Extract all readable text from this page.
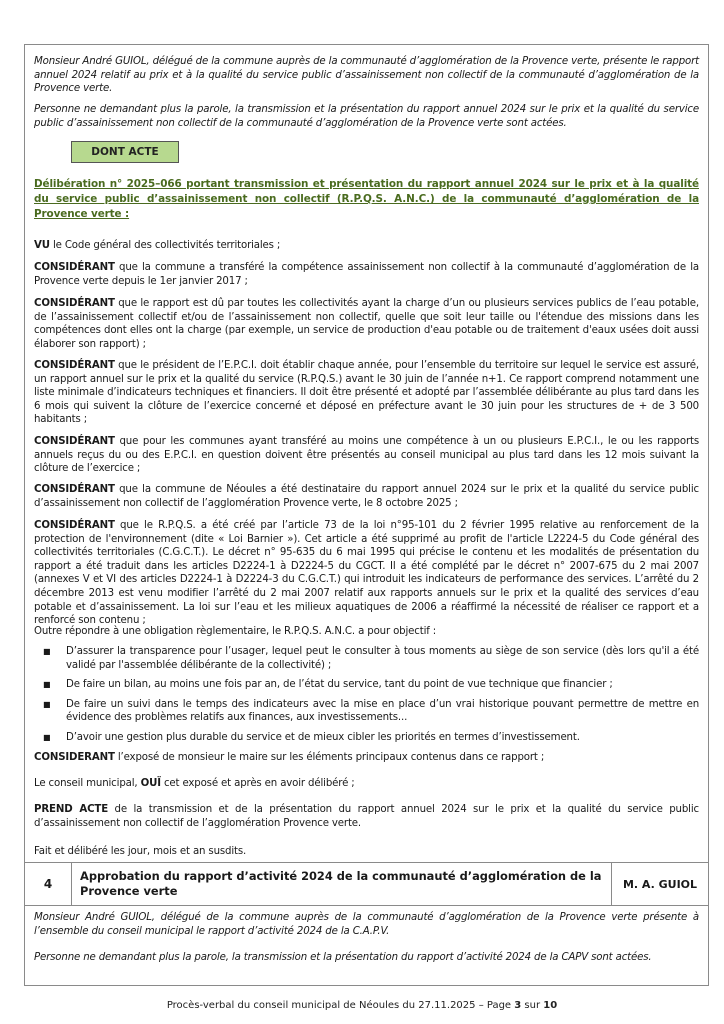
Monsieur André GUIOL, délégué de la commune auprès de la communauté d’agglomération de la Provence verte, présente le rapport annuel 2024 relatif au prix et à la qualité du service public d’assainissement non collectif de la communauté d’agglomération de la Provence verte.
Personne ne demandant plus la parole, la transmission et la présentation du rapport annuel 2024 sur le prix et la qualité du service public d’assainissement non collectif de la communauté d’agglomération de la Provence verte sont actées.
DONT ACTE
Délibération n° 2025–066 portant transmission et présentation du rapport annuel 2024 sur le prix et à la qualité du service public d’assainissement non collectif (R.P.Q.S. A.N.C.) de la communauté d’agglomération de la Provence verte :
VU le Code général des collectivités territoriales ;
CONSIDÉRANT que la commune a transféré la compétence assainissement non collectif à la communauté d’agglomération de la Provence verte depuis le 1er janvier 2017 ;
CONSIDÉRANT que le rapport est dû par toutes les collectivités ayant la charge d’un ou plusieurs services publics de l’eau potable, de l’assainissement collectif et/ou de l’assainissement non collectif, quelle que soit leur taille ou l'étendue des missions dans les compétences dont elles ont la charge (par exemple, un service de production d'eau potable ou de traitement d'eaux usées doit aussi élaborer son rapport) ;
CONSIDÉRANT que le président de l’E.P.C.I. doit établir chaque année, pour l’ensemble du territoire sur lequel le service est assuré, un rapport annuel sur le prix et la qualité du service (R.P.Q.S.) avant le 30 juin de l’année n+1. Ce rapport comprend notamment une liste minimale d’indicateurs techniques et financiers. Il doit être présenté et adopté par l’assemblée délibérante au plus tard dans les 6 mois qui suivent la clôture de l’exercice concerné et déposé en préfecture avant le 30 juin pour les structures de + de 3 500 habitants ;
CONSIDÉRANT que pour les communes ayant transféré au moins une compétence à un ou plusieurs E.P.C.I., le ou les rapports annuels reçus du ou des E.P.C.I. en question doivent être présentés au conseil municipal au plus tard dans les 12 mois suivant la clôture de l’exercice ;
CONSIDÉRANT que la commune de Néoules a été destinataire du rapport annuel 2024 sur le prix et la qualité du service public d’assainissement non collectif de l’agglomération Provence verte, le 8 octobre 2025 ;
CONSIDÉRANT que le R.P.Q.S. a été créé par l’article 73 de la loi n°95-101 du 2 février 1995 relative au renforcement de la protection de l'environnement (dite « Loi Barnier »). Cet article a été supprimé au profit de l'article L2224-5 du Code général des collectivités territoriales (C.G.C.T.). Le décret n° 95-635 du 6 mai 1995 qui précise le contenu et les modalités de présentation du rapport a été traduit dans les articles D2224-1 à D2224-5 du CGCT. Il a été complété par le décret n° 2007-675 du 2 mai 2007 (annexes V et VI des articles D2224-1 à D2224-3 du C.G.C.T.) qui introduit les indicateurs de performance des services. L’arrêté du 2 décembre 2013 est venu modifier l’arrêté du 2 mai 2007 relatif aux rapports annuels sur le prix et la qualité des services d’eau potable et d’assainissement. La loi sur l’eau et les milieux aquatiques de 2006 a réaffirmé la nécessité de réaliser ce rapport et a renforcé son contenu ;
Outre répondre à une obligation règlementaire, le R.P.Q.S. A.N.C. a pour objectif :
■ D’assurer la transparence pour l’usager, lequel peut le consulter à tous moments au siège de son service (dès lors qu'il a été validé par l'assemblée délibérante de la collectivité) ;
■ De faire un bilan, au moins une fois par an, de l’état du service, tant du point de vue technique que financier ;
■ De faire un suivi dans le temps des indicateurs avec la mise en place d’un vrai historique pouvant permettre de mettre en évidence des problèmes relatifs aux finances, aux investissements...
■ D’avoir une gestion plus durable du service et de mieux cibler les priorités en termes d’investissement.
CONSIDERANT l’exposé de monsieur le maire sur les éléments principaux contenus dans ce rapport ;
Le conseil municipal, OUÏ cet exposé et après en avoir délibéré ;
PREND ACTE de la transmission et de la présentation du rapport annuel 2024 sur le prix et la qualité du service public d’assainissement non collectif de l’agglomération Provence verte.
Fait et délibéré les jour, mois et an susdits.
4
Approbation du rapport d’activité 2024 de la communauté d’agglomération de la Provence verte	M. A. GUIOL
Monsieur André GUIOL, délégué de la commune auprès de la communauté d’agglomération de la Provence verte présente à l’ensemble du conseil municipal le rapport d’activité 2024 de la C.A.P.V.
Personne ne demandant plus la parole, la transmission et la présentation du rapport d’activité 2024 de la CAPV sont actées.
Procès-verbal du conseil municipal de Néoules du 27.11.2025 – Page 3 sur 10
